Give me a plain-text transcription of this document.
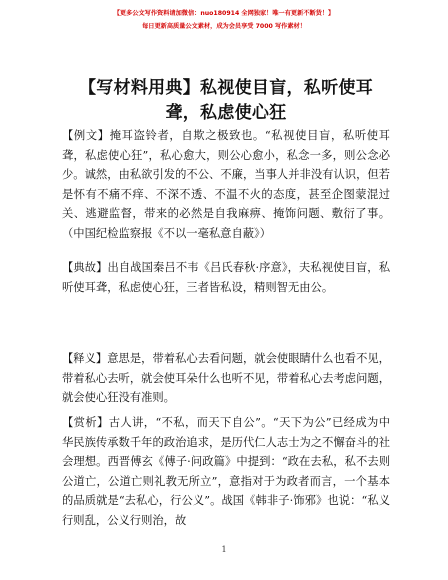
【更多公文写作资料请加微信：nuo180914 全网独家！唯一有更新不断货！】
每日更新高质量公文素材，成为会员享受 7000 写作素材！
【写材料用典】私视使目盲，私听使耳聋，私虑使心狂
【例文】掩耳盗铃者，自欺之极致也。“私视使目盲，私听使耳聋，私虑使心狂”，私心愈大，则公心愈小，私念一多，则公念必少。诚然，由私欲引发的不公、不廉，当事人并非没有认识，但若是怀有不痛不痒、不深不透、不温不火的态度，甚至企图蒙混过关、逃避监督，带来的必然是自我麻痹、掩饰问题、敷衍了事。（中国纪检监察报《不以一毫私意自蔽》）
【典故】出自战国秦吕不韦《吕氏春秋·序意》，夫私视使目盲，私听使耳聋，私虑使心狂，三者皆私设，精则智无由公。
【释义】意思是，带着私心去看问题，就会使眼睛什么也看不见，带着私心去听，就会使耳朵什么也听不见，带着私心去考虑问题，就会使心狂没有准则。
【赏析】古人讲，“不私，而天下自公”。“天下为公”已经成为中华民族传承数千年的政治追求，是历代仁人志士为之不懈奋斗的社会理想。西晋傅玄《傅子·问政篇》中提到：“政在去私，私不去则公道亡，公道亡则礼教无所立”，意指对于为政者而言，一个基本的品质就是“去私心，行公义”。战国《韩非子·饰邪》也说：“私义行则乱，公义行则治，故
1
